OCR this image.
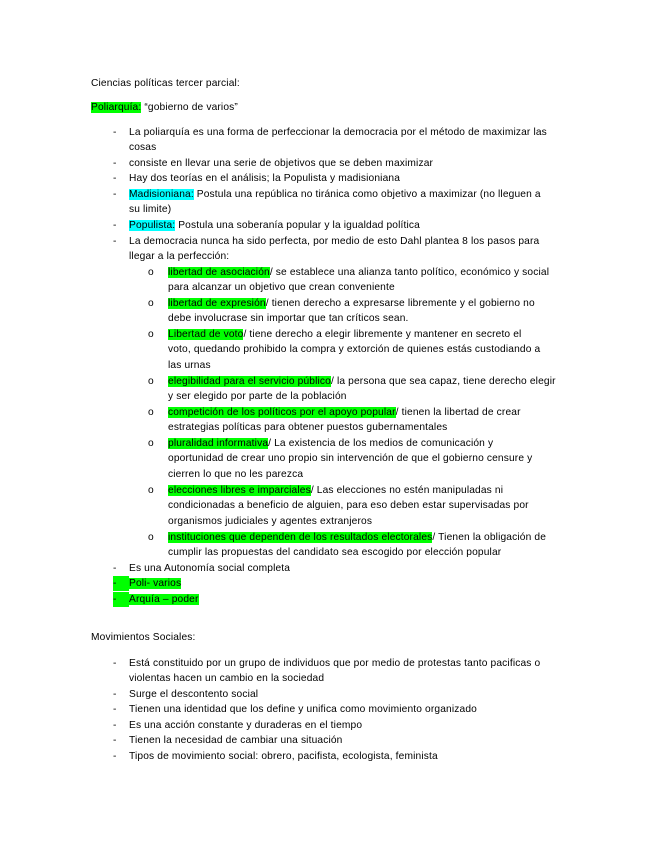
Ciencias políticas tercer parcial:
Poliarquía: “gobierno de varios”
- La poliarquía es una forma de perfeccionar la democracia por el método de maximizar las
cosas
- consiste en llevar una serie de objetivos que se deben maximizar
- Hay dos teorías en el análisis; la Populista y madisioniana
- Madisioniana: Postula una república no tiránica como objetivo a maximizar (no lleguen a
su limite)
- Populista: Postula una soberanía popular y la igualdad política
- La democracia nunca ha sido perfecta, por medio de esto Dahl plantea 8 los pasos para
llegar a la perfección:
o libertad de asociación/ se establece una alianza tanto político, económico y social
para alcanzar un objetivo que crean conveniente
o libertad de expresión/ tienen derecho a expresarse libremente y el gobierno no
debe involucrase sin importar que tan críticos sean.
o Libertad de voto/ tiene derecho a elegir libremente y mantener en secreto el
voto, quedando prohibido la compra y extorción de quienes estás custodiando a
las urnas
o elegibilidad para el servicio público/ la persona que sea capaz, tiene derecho elegir
y ser elegido por parte de la población
o competición de los políticos por el apoyo popular/ tienen la libertad de crear
estrategias políticas para obtener puestos gubernamentales
o pluralidad informativa/ La existencia de los medios de comunicación y
oportunidad de crear uno propio sin intervención de que el gobierno censure y
cierren lo que no les parezca
o elecciones libres e imparciales/ Las elecciones no estén manipuladas ni
condicionadas a beneficio de alguien, para eso deben estar supervisadas por
organismos judiciales y agentes extranjeros
o instituciones que dependen de los resultados electorales/ Tienen la obligación de
cumplir las propuestas del candidato sea escogido por elección popular
- Es una Autonomía social completa
-	Poli- varios
-	Arquía – poder
Movimientos Sociales:
- Está constituido por un grupo de individuos que por medio de protestas tanto pacificas o
violentas hacen un cambio en la sociedad
- Surge el descontento social
- Tienen una identidad que los define y unifica como movimiento organizado
- Es una acción constante y duraderas en el tiempo
- Tienen la necesidad de cambiar una situación
- Tipos de movimiento social: obrero, pacifista, ecologista, feminista
